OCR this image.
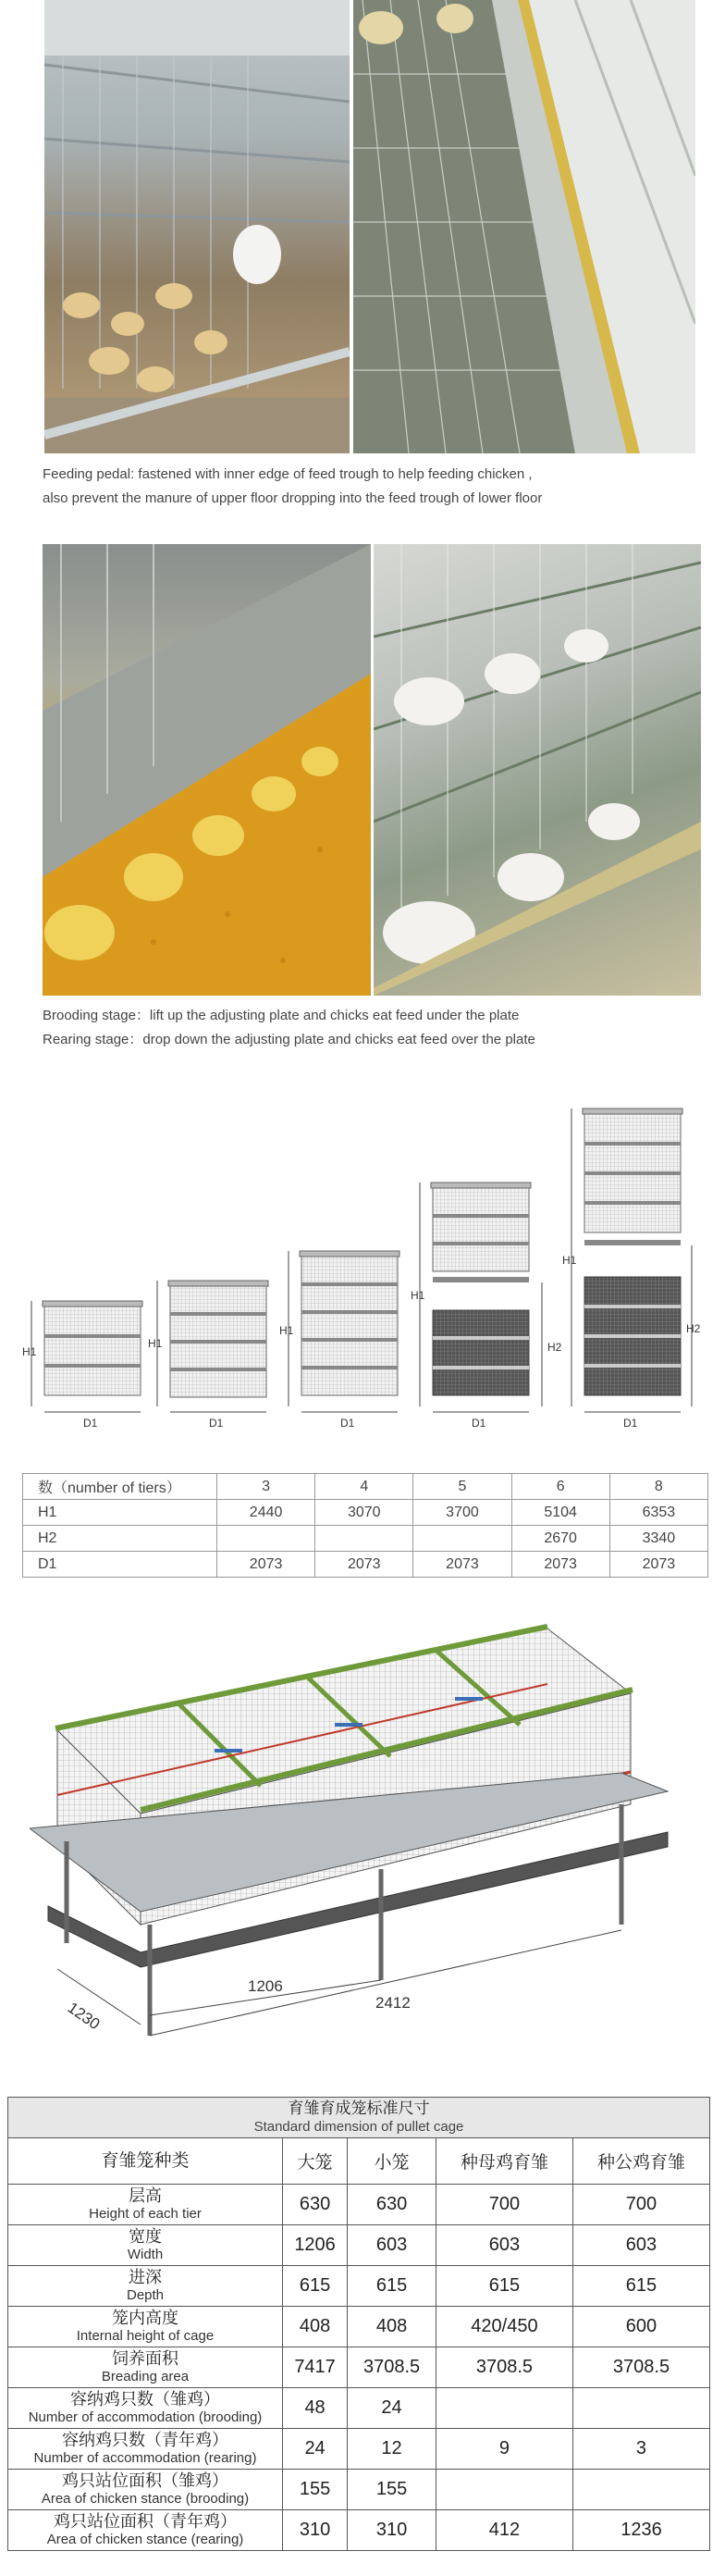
Feeding pedal: fastened with inner edge of feed trough to help feeding chicken ,
also prevent the manure of upper floor dropping into the feed trough of lower floor
Brooding stage：lift up the adjusting plate and chicks eat feed under the plate
Rearing stage：drop down the adjusting plate and chicks eat feed over the plate
H1
D1
H1
D1
H1
D1
H1
H2
D1
H1
H2
D1
数（number of tiers）	3	4	5	6	8
H1	2440	3070	3700	5104	6353
H2				2670	3340
D1	2073	2073	2073	2073	2073
1230
1206
2412
育雏育成笼标准尺寸
Standard dimension of pullet cage				

育雏笼种类	大笼	小笼	种母鸡育雏	种公鸡育雏

层高
Height of each tier	630	630	700	700

宽度
Width	1206	603	603	603

进深
Depth	615	615	615	615

笼内高度
Internal height of cage	408	408	420/450	600

饲养面积
Breading area	7417	3708.5	3708.5	3708.5

容纳鸡只数（雏鸡）
Number of accommodation (brooding)	48	24		

容纳鸡只数（青年鸡）
Number of accommodation (rearing)	24	12	9	3

鸡只站位面积（雏鸡）
Area of chicken stance (brooding)	155	155		

鸡只站位面积（青年鸡）
Area of chicken stance (rearing)	310	310	412	1236
